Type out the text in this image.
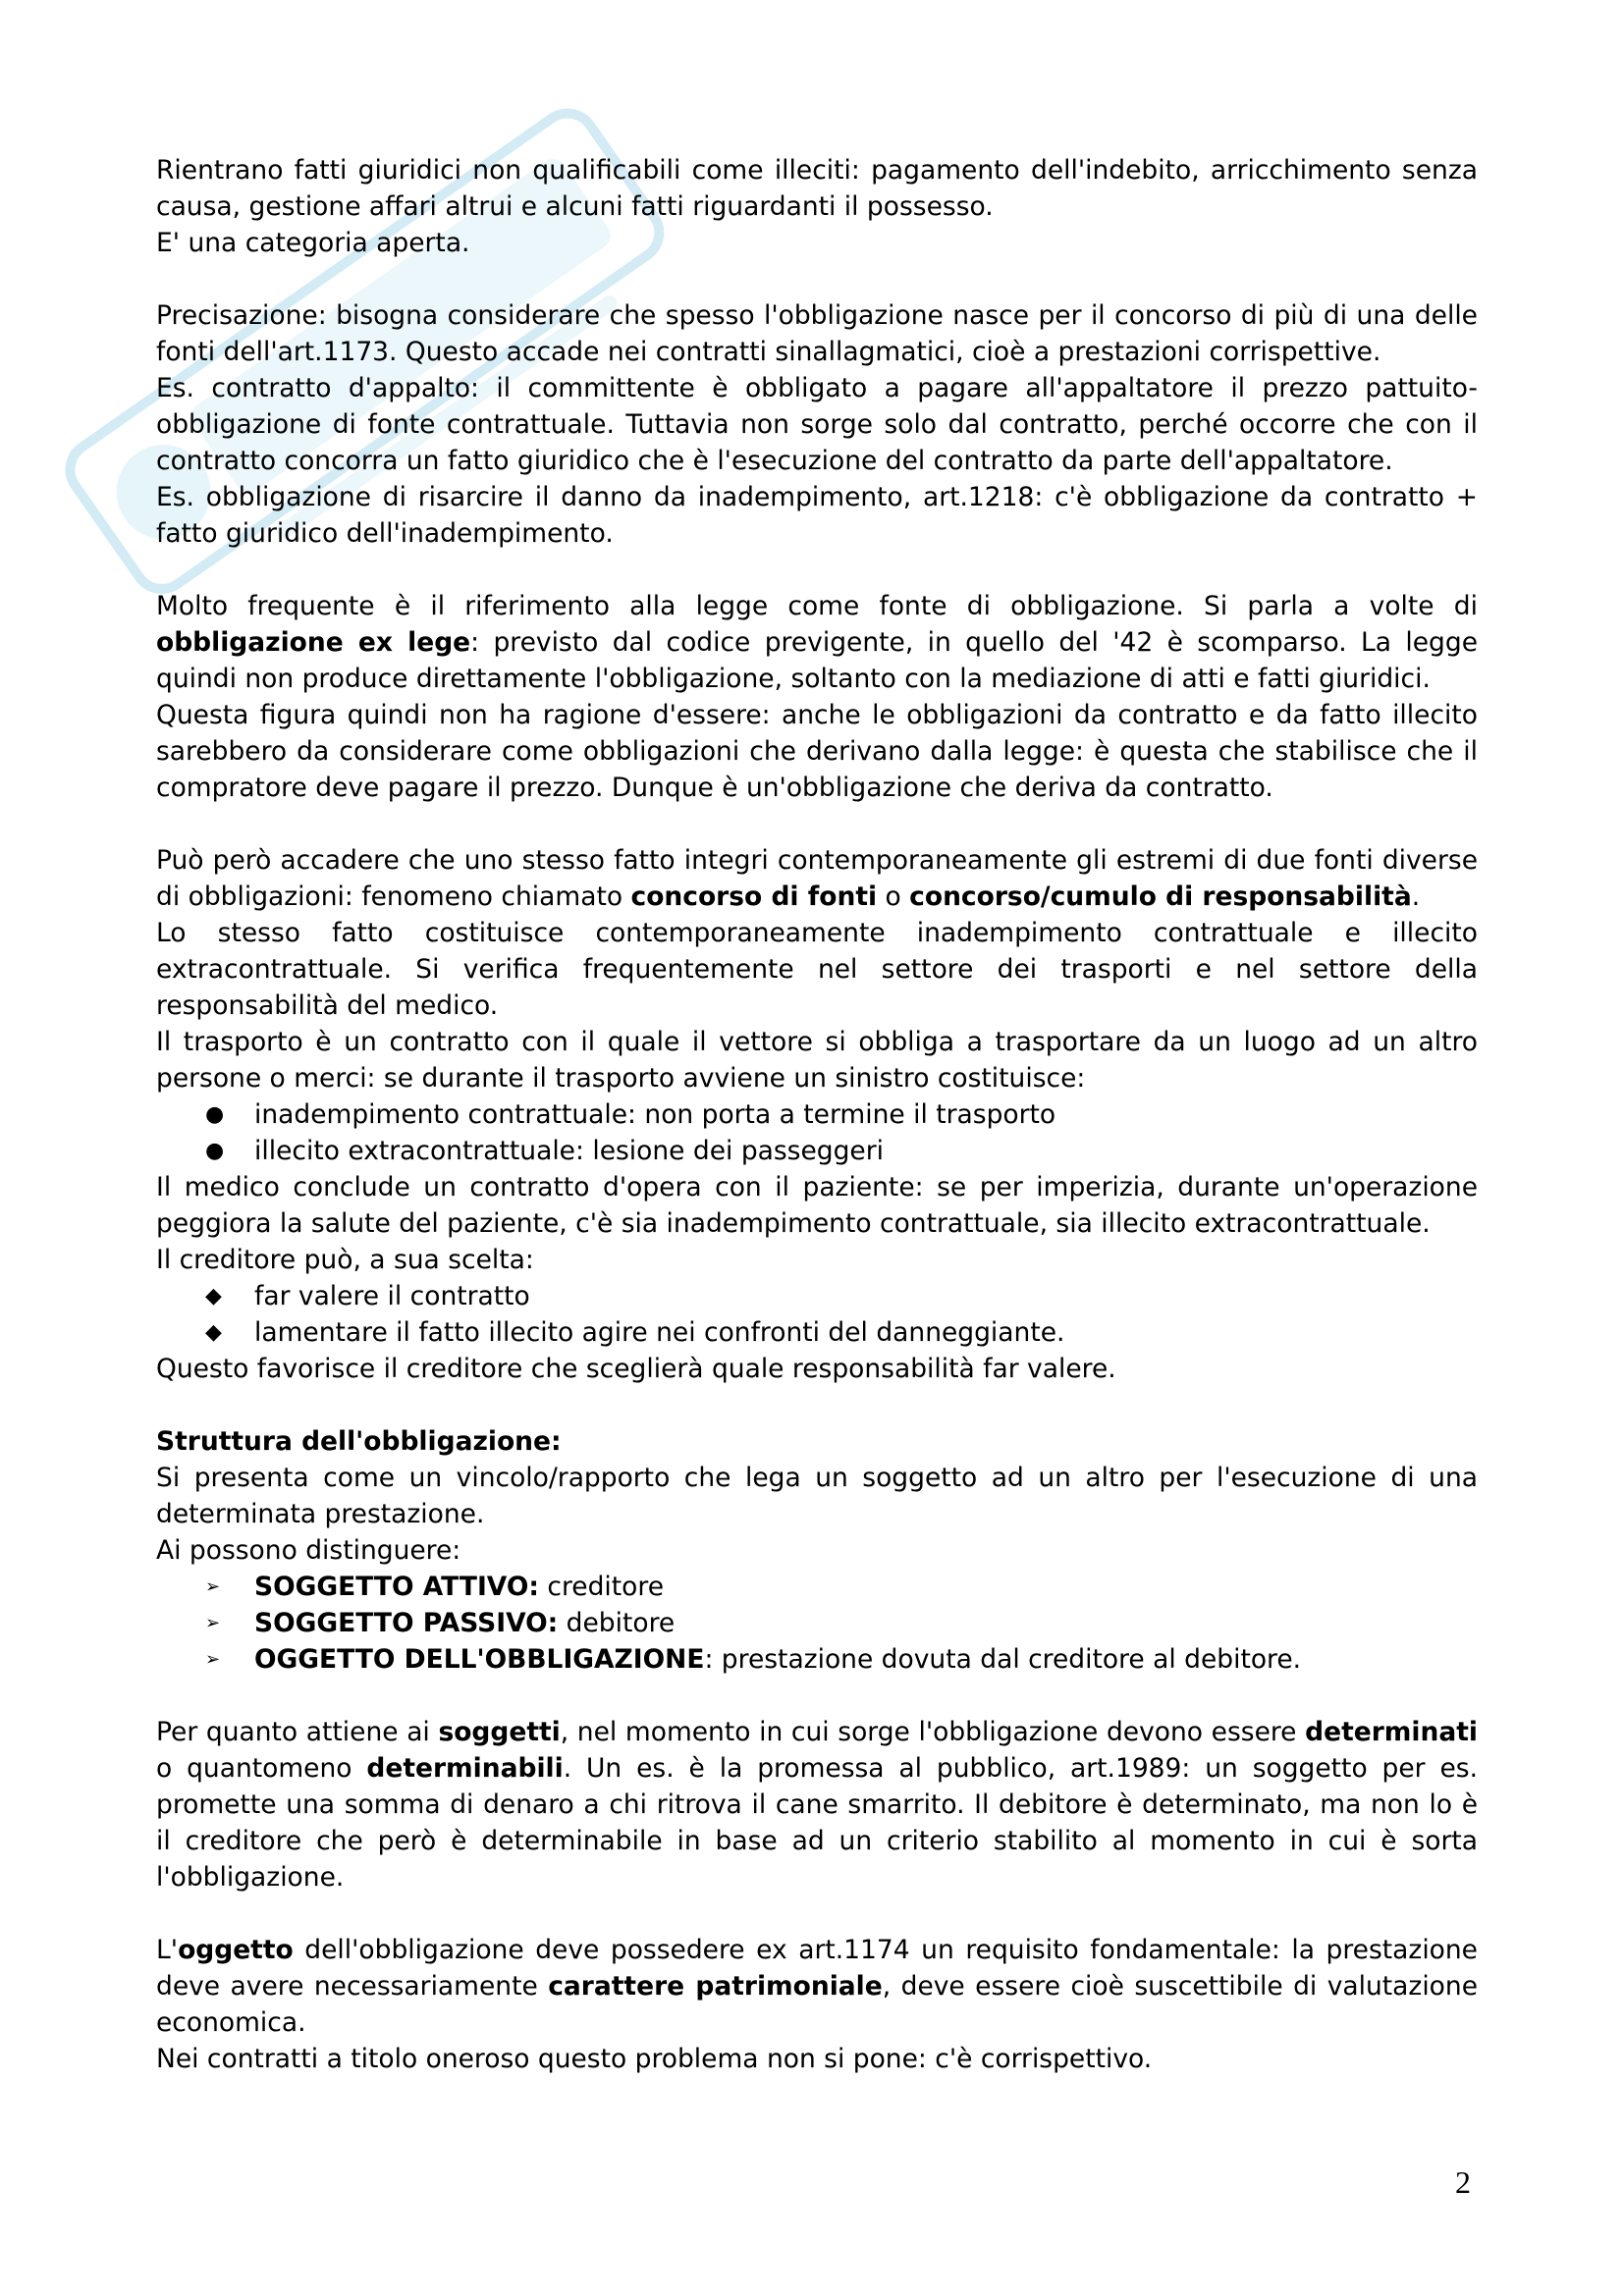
Rientrano fatti giuridici non qualificabili come illeciti: pagamento dell'indebito, arricchimento senza causa, gestione affari altrui e alcuni fatti riguardanti il possesso.

E' una categoria aperta.

Precisazione: bisogna considerare che spesso l'obbligazione nasce per il concorso di più di una delle fonti dell'art.1173. Questo accade nei contratti sinallagmatici, cioè a prestazioni corrispettive.

Es. contratto d'appalto: il committente è obbligato a pagare all'appaltatore il prezzo pattuito- obbligazione di fonte contrattuale. Tuttavia non sorge solo dal contratto, perché occorre che con il contratto concorra un fatto giuridico che è l'esecuzione del contratto da parte dell'appaltatore.

Es. obbligazione di risarcire il danno da inadempimento, art.1218: c'è obbligazione da contratto + fatto giuridico dell'inadempimento.

Molto frequente è il riferimento alla legge come fonte di obbligazione. Si parla a volte di obbligazione ex lege: previsto dal codice previgente, in quello del '42 è scomparso. La legge quindi non produce direttamente l'obbligazione, soltanto con la mediazione di atti e fatti giuridici.

Questa figura quindi non ha ragione d'essere: anche le obbligazioni da contratto e da fatto illecito sarebbero da considerare come obbligazioni che derivano dalla legge: è questa che stabilisce che il compratore deve pagare il prezzo. Dunque è un'obbligazione che deriva da contratto.

Può però accadere che uno stesso fatto integri contemporaneamente gli estremi di due fonti diverse di obbligazioni: fenomeno chiamato concorso di fonti o concorso/cumulo di responsabilità.

Lo stesso fatto costituisce contemporaneamente inadempimento contrattuale e illecito extracontrattuale. Si verifica frequentemente nel settore dei trasporti e nel settore della responsabilità del medico.

Il trasporto è un contratto con il quale il vettore si obbliga a trasportare da un luogo ad un altro persone o merci: se durante il trasporto avviene un sinistro costituisce:

●	inadempimento contrattuale: non porta a termine il trasporto
●	illecito extracontrattuale: lesione dei passeggeri

Il medico conclude un contratto d'opera con il paziente: se per imperizia, durante un'operazione peggiora la salute del paziente, c'è sia inadempimento contrattuale, sia illecito extracontrattuale.

Il creditore può, a sua scelta:

◆	far valere il contratto
◆	lamentare il fatto illecito agire nei confronti del danneggiante.

Questo favorisce il creditore che sceglierà quale responsabilità far valere.

Struttura dell'obbligazione:

Si presenta come un vincolo/rapporto che lega un soggetto ad un altro per l'esecuzione di una determinata prestazione.

Ai possono distinguere:

➢	SOGGETTO ATTIVO: creditore
➢	SOGGETTO PASSIVO: debitore
➢	OGGETTO DELL'OBBLIGAZIONE: prestazione dovuta dal creditore al debitore.

Per quanto attiene ai soggetti, nel momento in cui sorge l'obbligazione devono essere determinati o quantomeno determinabili. Un es. è la promessa al pubblico, art.1989: un soggetto per es. promette una somma di denaro a chi ritrova il cane smarrito. Il debitore è determinato, ma non lo è il creditore che però è determinabile in base ad un criterio stabilito al momento in cui è sorta l'obbligazione.

L'oggetto dell'obbligazione deve possedere ex art.1174 un requisito fondamentale: la prestazione deve avere necessariamente carattere patrimoniale, deve essere cioè suscettibile di valutazione economica.

Nei contratti a titolo oneroso questo problema non si pone: c'è corrispettivo.

2
